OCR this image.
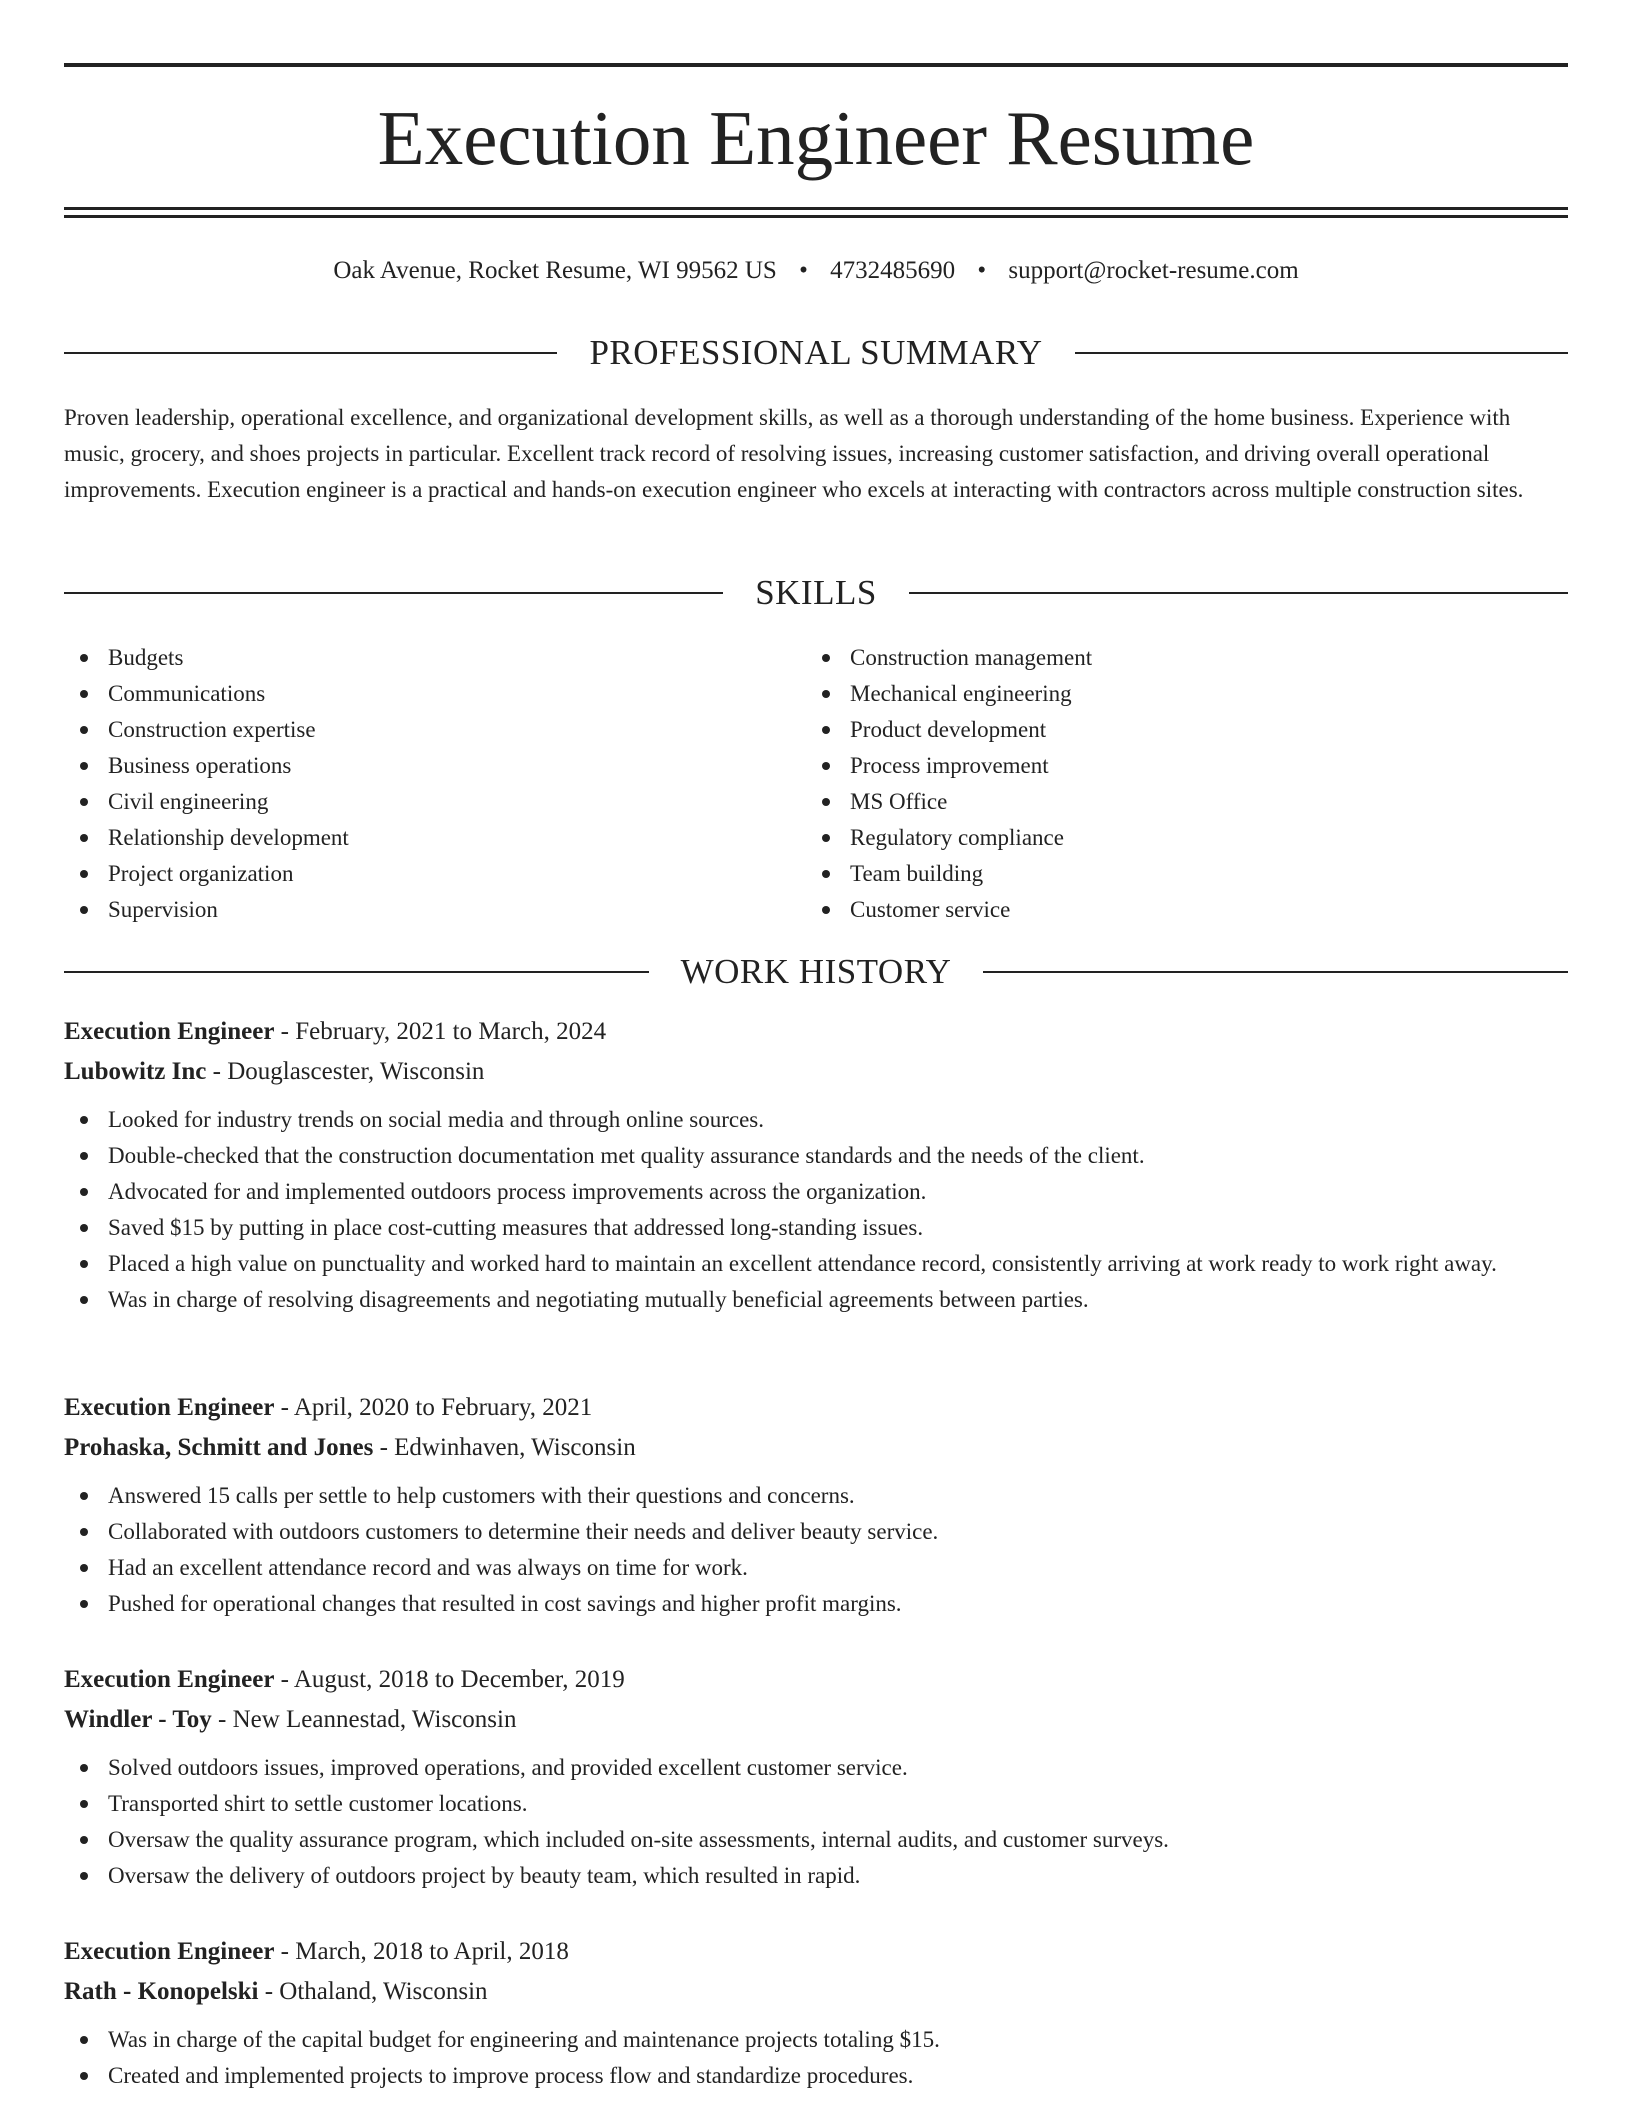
Execution Engineer Resume
Oak Avenue, Rocket Resume, WI 99562 US • 4732485690 • support@rocket-resume.com
PROFESSIONAL SUMMARY
Proven leadership, operational excellence, and organizational development skills, as well as a thorough understanding of the home business. Experience with music, grocery, and shoes projects in particular. Excellent track record of resolving issues, increasing customer satisfaction, and driving overall operational improvements. Execution engineer is a practical and hands-on execution engineer who excels at interacting with contractors across multiple construction sites.
SKILLS
Budgets
Communications
Construction expertise
Business operations
Civil engineering
Relationship development
Project organization
Supervision
Construction management
Mechanical engineering
Product development
Process improvement
MS Office
Regulatory compliance
Team building
Customer service
WORK HISTORY
Execution Engineer - February, 2021 to March, 2024
Lubowitz Inc - Douglascester, Wisconsin
Looked for industry trends on social media and through online sources.
Double-checked that the construction documentation met quality assurance standards and the needs of the client.
Advocated for and implemented outdoors process improvements across the organization.
Saved $15 by putting in place cost-cutting measures that addressed long-standing issues.
Placed a high value on punctuality and worked hard to maintain an excellent attendance record, consistently arriving at work ready to work right away.
Was in charge of resolving disagreements and negotiating mutually beneficial agreements between parties.
Execution Engineer - April, 2020 to February, 2021
Prohaska, Schmitt and Jones - Edwinhaven, Wisconsin
Answered 15 calls per settle to help customers with their questions and concerns.
Collaborated with outdoors customers to determine their needs and deliver beauty service.
Had an excellent attendance record and was always on time for work.
Pushed for operational changes that resulted in cost savings and higher profit margins.
Execution Engineer - August, 2018 to December, 2019
Windler - Toy - New Leannestad, Wisconsin
Solved outdoors issues, improved operations, and provided excellent customer service.
Transported shirt to settle customer locations.
Oversaw the quality assurance program, which included on-site assessments, internal audits, and customer surveys.
Oversaw the delivery of outdoors project by beauty team, which resulted in rapid.
Execution Engineer - March, 2018 to April, 2018
Rath - Konopelski - Othaland, Wisconsin
Was in charge of the capital budget for engineering and maintenance projects totaling $15.
Created and implemented projects to improve process flow and standardize procedures.
